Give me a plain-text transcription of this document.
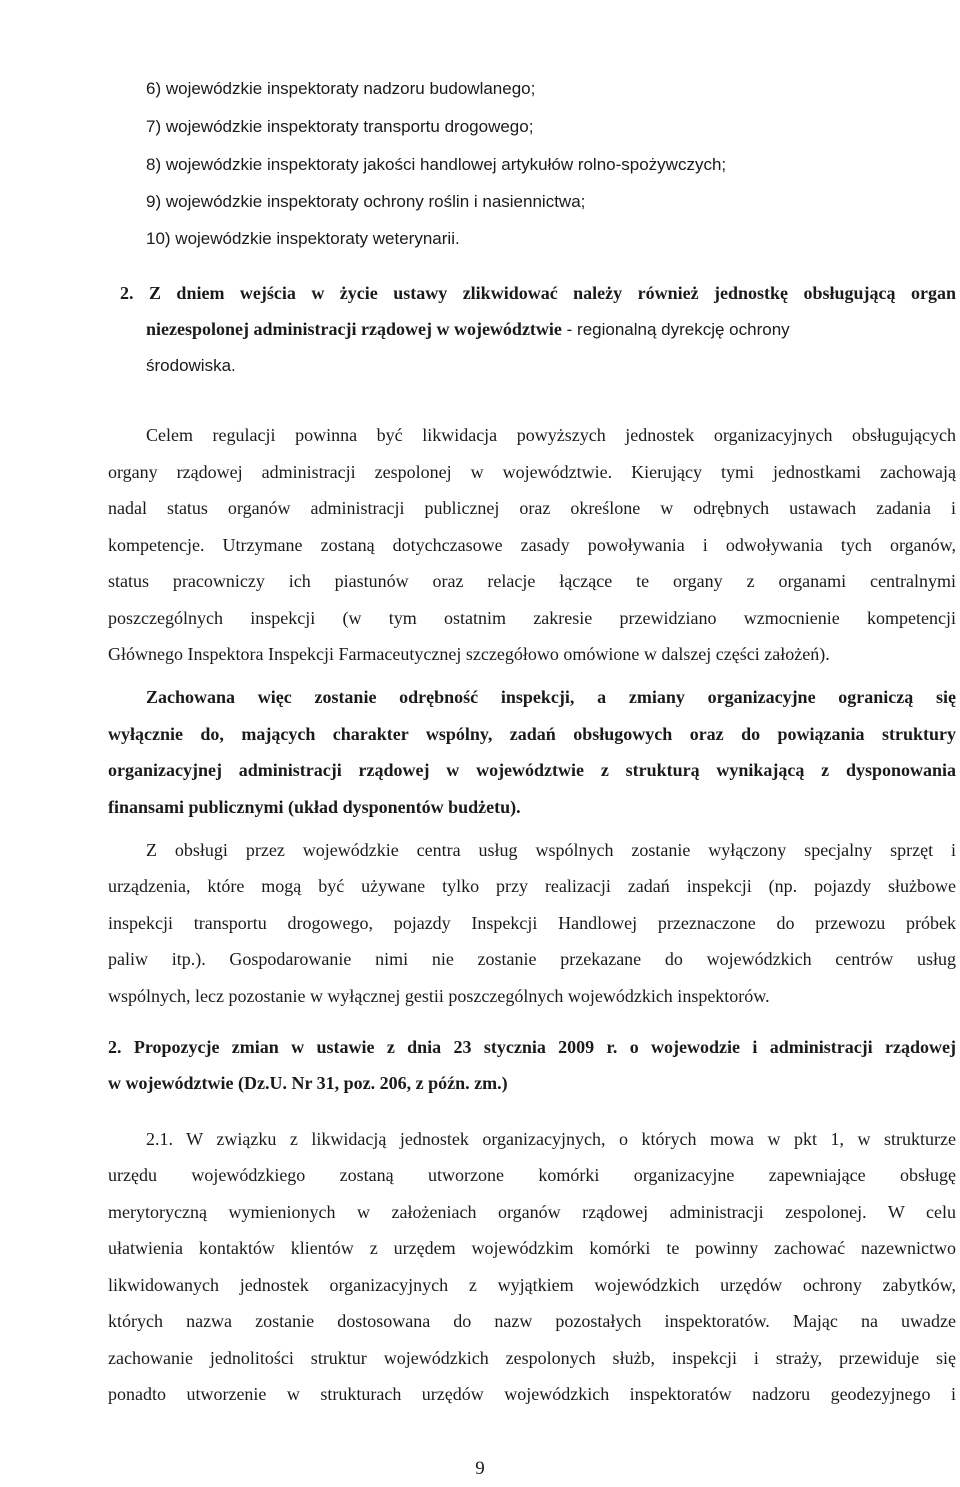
6) wojewódzkie inspektoraty nadzoru budowlanego;
7) wojewódzkie inspektoraty transportu drogowego;
8) wojewódzkie inspektoraty jakości handlowej artykułów rolno-spożywczych;
9) wojewódzkie inspektoraty ochrony roślin i nasiennictwa;
10) wojewódzkie inspektoraty weterynarii.
2. Z dniem wejścia w życie ustawy zlikwidować należy również jednostkę obsługującą organ
niezespolonej administracji rządowej w województwie - regionalną dyrekcję ochrony
środowiska.
Celem regulacji powinna być likwidacja powyższych jednostek organizacyjnych obsługujących
organy rządowej administracji zespolonej w województwie. Kierujący tymi jednostkami zachowają
nadal status organów administracji publicznej oraz określone w odrębnych ustawach zadania i
kompetencje. Utrzymane zostaną dotychczasowe zasady powoływania i odwoływania tych organów,
status pracowniczy ich piastunów oraz relacje łączące te organy z organami centralnymi
poszczególnych inspekcji (w tym ostatnim zakresie przewidziano wzmocnienie kompetencji
Głównego Inspektora Inspekcji Farmaceutycznej szczegółowo omówione w dalszej części założeń).
Zachowana więc zostanie odrębność inspekcji, a zmiany organizacyjne ograniczą się
wyłącznie do, mających charakter wspólny, zadań obsługowych oraz do powiązania struktury
organizacyjnej administracji rządowej w województwie z strukturą wynikającą z dysponowania
finansami publicznymi (układ dysponentów budżetu).
Z obsługi przez wojewódzkie centra usług wspólnych zostanie wyłączony specjalny sprzęt i
urządzenia, które mogą być używane tylko przy realizacji zadań inspekcji (np. pojazdy służbowe
inspekcji transportu drogowego, pojazdy Inspekcji Handlowej przeznaczone do przewozu próbek
paliw itp.). Gospodarowanie nimi nie zostanie przekazane do wojewódzkich centrów usług
wspólnych, lecz pozostanie w wyłącznej gestii poszczególnych wojewódzkich inspektorów.
2. Propozycje zmian w ustawie z dnia 23 stycznia 2009 r. o wojewodzie i administracji rządowej
w województwie (Dz.U. Nr 31, poz. 206, z późn. zm.)
2.1. W związku z likwidacją jednostek organizacyjnych, o których mowa w pkt 1, w strukturze
urzędu wojewódzkiego zostaną utworzone komórki organizacyjne zapewniające obsługę
merytoryczną wymienionych w założeniach organów rządowej administracji zespolonej. W celu
ułatwienia kontaktów klientów z urzędem wojewódzkim komórki te powinny zachować nazewnictwo
likwidowanych jednostek organizacyjnych z wyjątkiem wojewódzkich urzędów ochrony zabytków,
których nazwa zostanie dostosowana do nazw pozostałych inspektoratów. Mając na uwadze
zachowanie jednolitości struktur wojewódzkich zespolonych służb, inspekcji i straży, przewiduje się
ponadto utworzenie w strukturach urzędów wojewódzkich inspektoratów nadzoru geodezyjnego i
9
